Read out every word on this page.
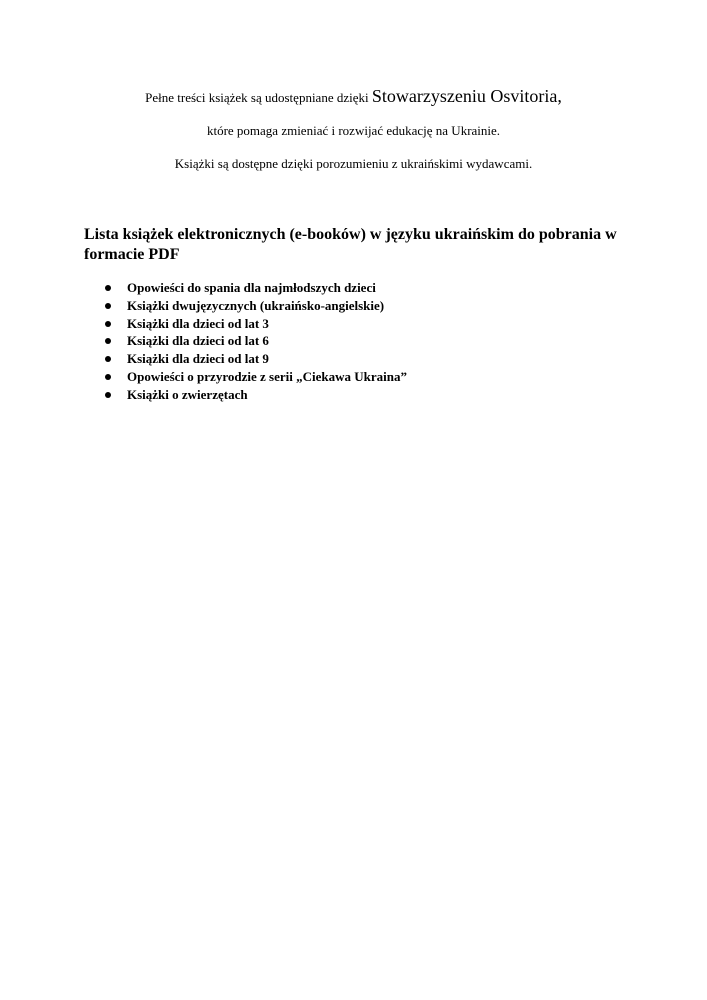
Pełne treści książek są udostępniane dzięki Stowarzyszeniu Osvitoria,
które pomaga zmieniać i rozwijać edukację na Ukrainie.
Książki są dostępne dzięki porozumieniu z ukraińskimi wydawcami.
Lista książek elektronicznych (e-booków) w języku ukraińskim do pobrania w formacie PDF
Opowieści do spania dla najmłodszych dzieci
Książki dwujęzycznych (ukraińsko-angielskie)
Książki dla dzieci od lat 3
Książki dla dzieci od lat 6
Książki dla dzieci od lat 9
Opowieści o przyrodzie z serii „Ciekawa Ukraina”
Książki o zwierzętach
